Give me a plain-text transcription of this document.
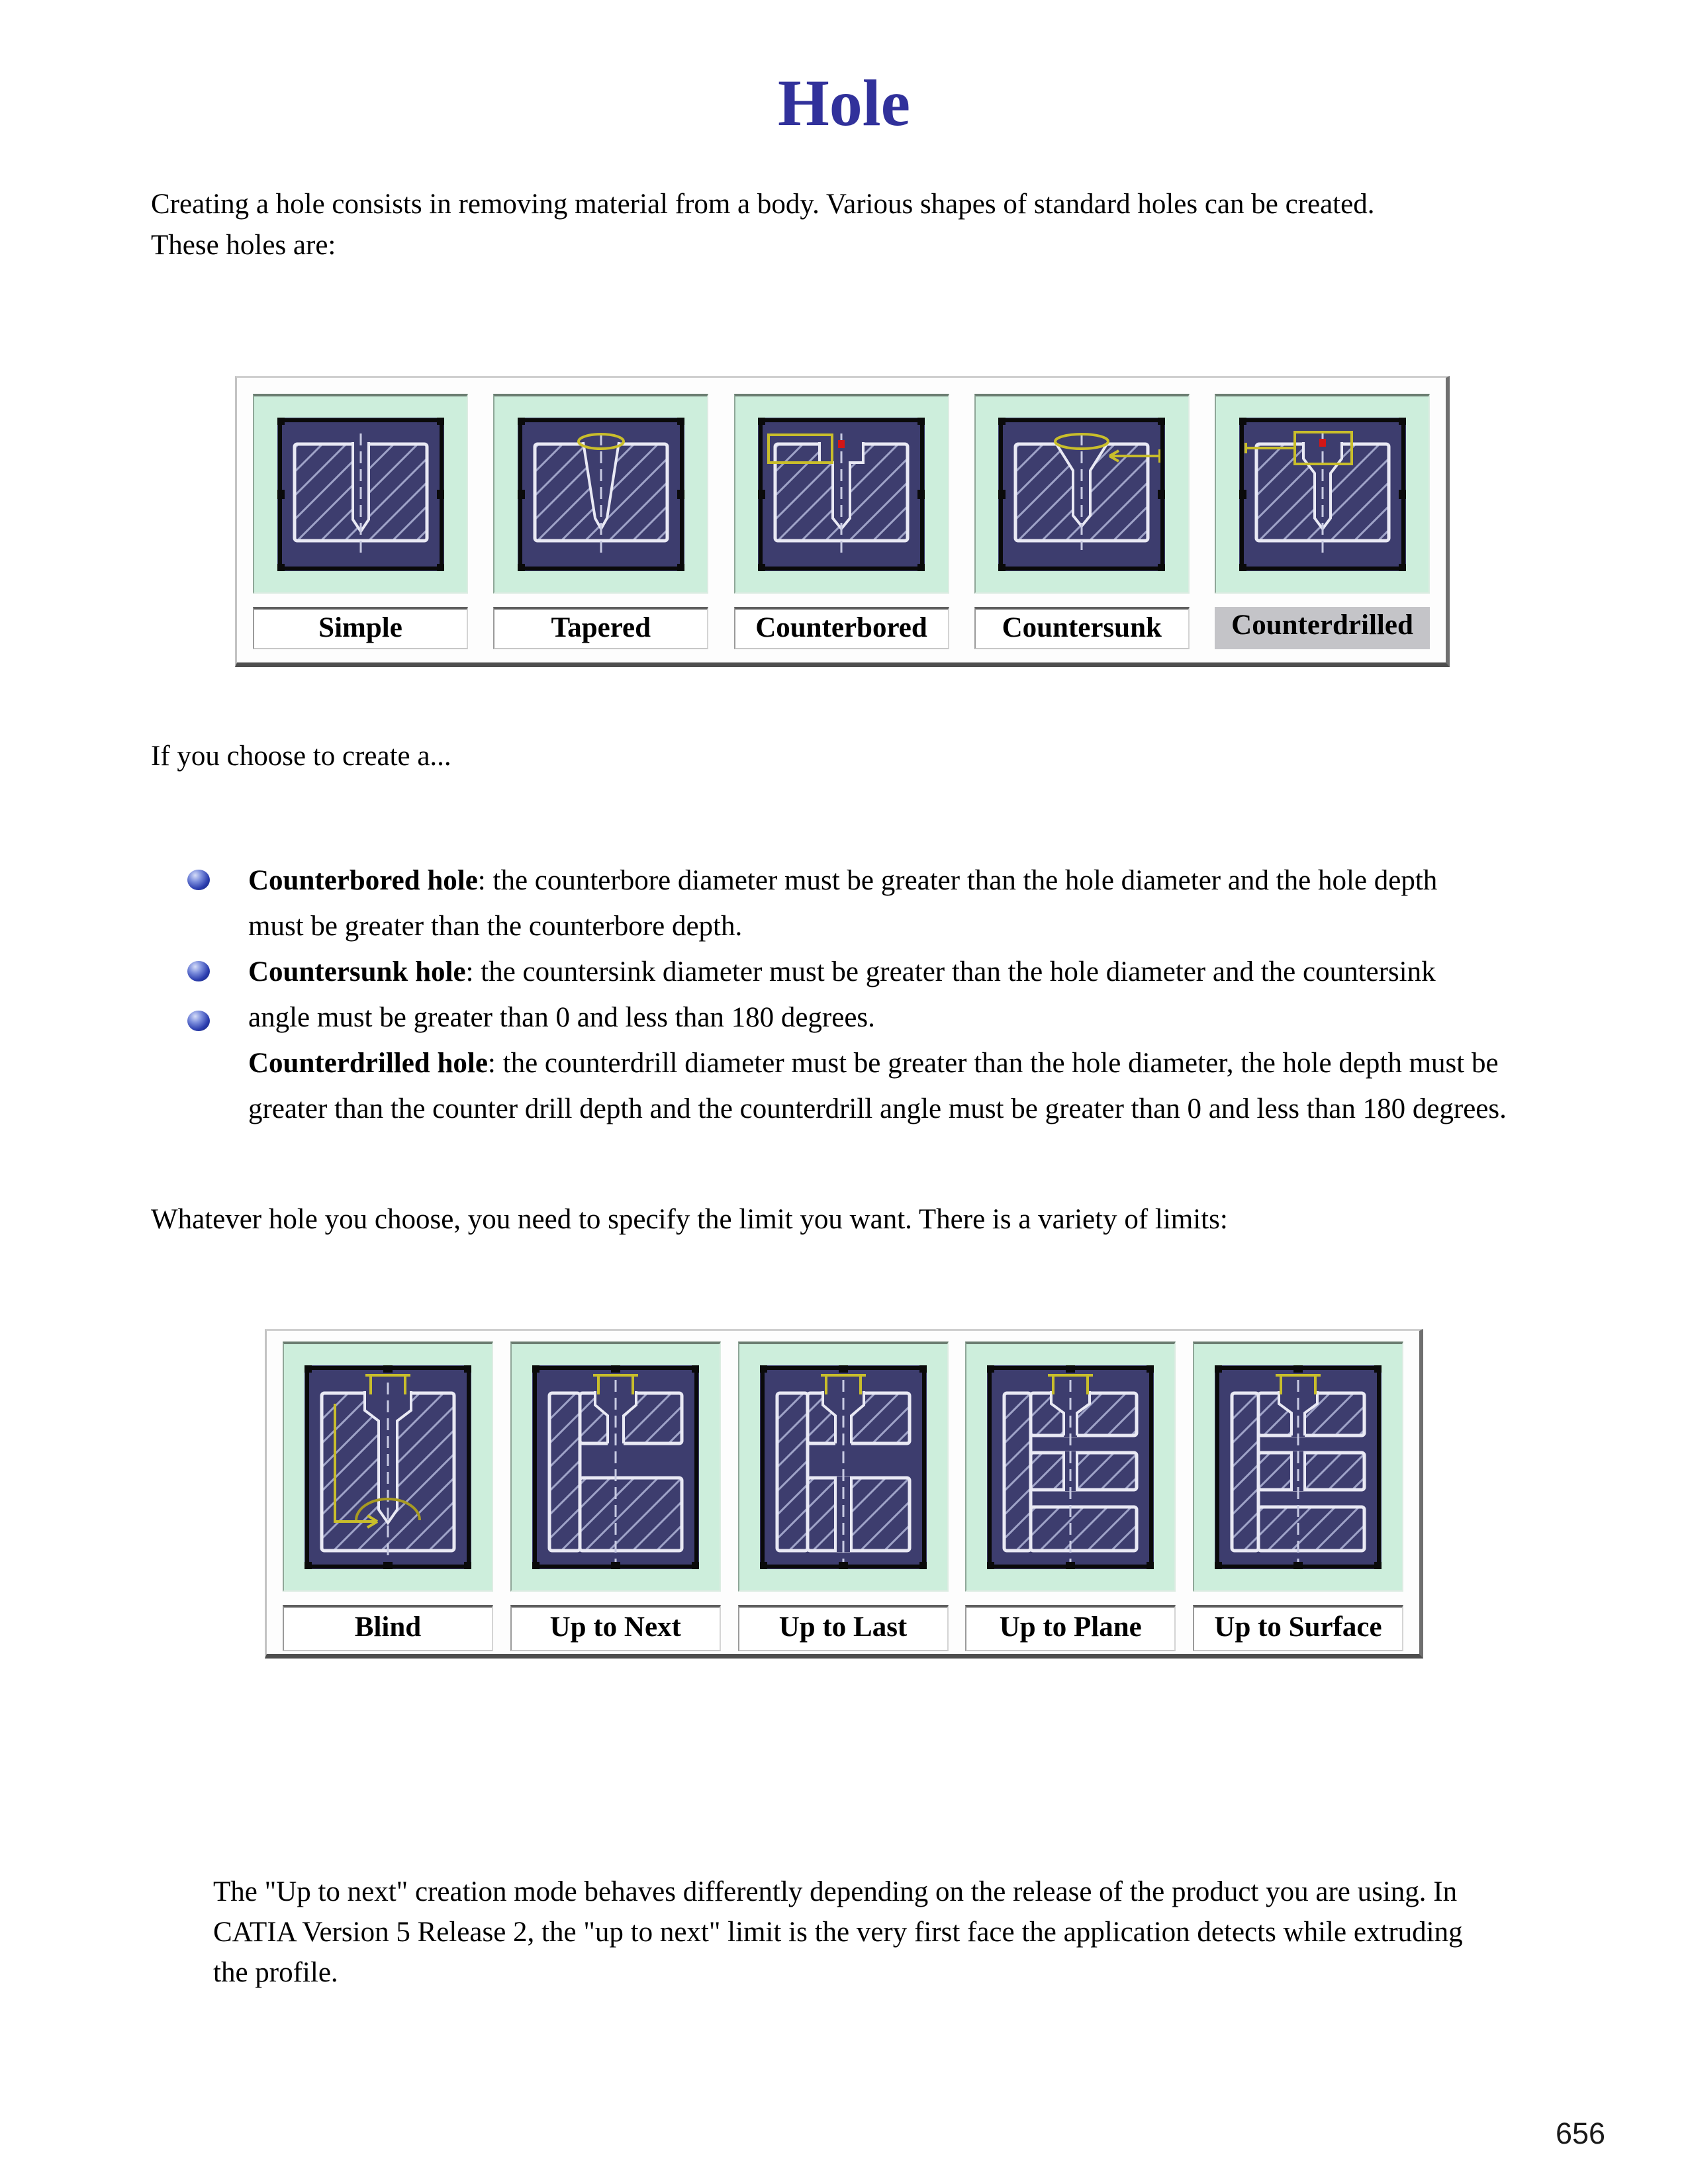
Hole
Creating a hole consists in removing material from a body. Various shapes of standard holes can be created.
These holes are:
Simple	Tapered	Counterbored	Countersunk	Counterdrilled
If you choose to create a...
Counterbored hole: the counterbore diameter must be greater than the hole diameter and the hole depth
must be greater than the counterbore depth.
Countersunk hole: the countersink diameter must be greater than the hole diameter and the countersink
angle must be greater than 0 and less than 180 degrees.
Counterdrilled hole: the counterdrill diameter must be greater than the hole diameter, the hole depth must be
greater than the counter drill depth and the counterdrill angle must be greater than 0 and less than 180 degrees.
Whatever hole you choose, you need to specify the limit you want. There is a variety of limits:
Blind	Up to Next	Up to Last	Up to Plane	Up to Surface
The "Up to next" creation mode behaves differently depending on the release of the product you are using. In
CATIA Version 5 Release 2, the "up to next" limit is the very first face the application detects while extruding
the profile.
656
